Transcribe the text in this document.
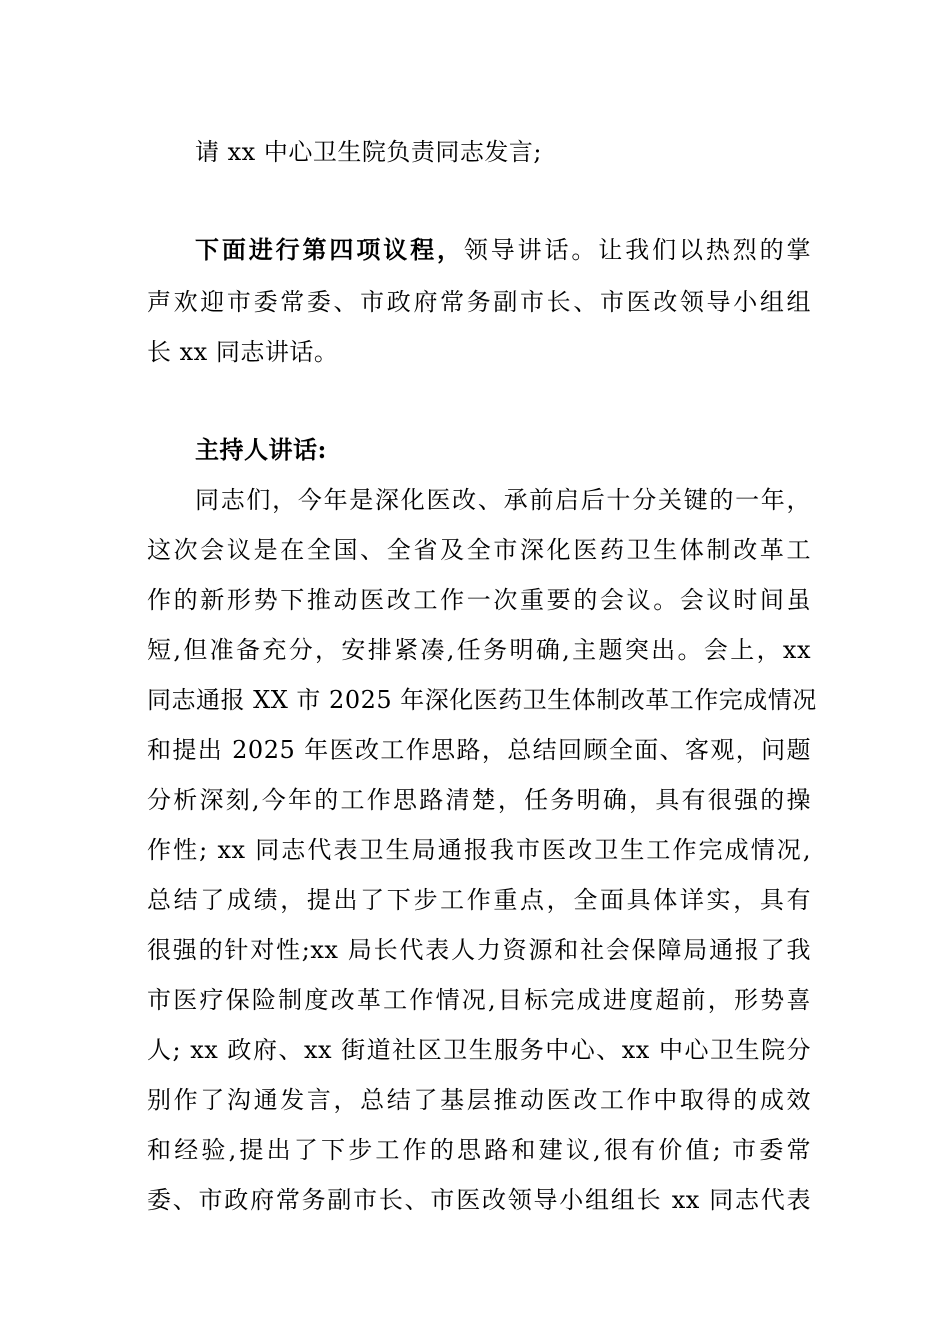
请 xx 中心卫生院负责同志发言;
下面进行第四项议程，领导讲话。让我们以热烈的掌
声欢迎市委常委、市政府常务副市长、市医改领导小组组
长 xx 同志讲话。
主持人讲话:
同志们，今年是深化医改、承前启后十分关键的一年，
这次会议是在全国、全省及全市深化医药卫生体制改革工
作的新形势下推动医改工作一次重要的会议。会议时间虽
短,但准备充分，安排紧凑,任务明确,主题突出。会上，xx
同志通报 XX 市 2025 年深化医药卫生体制改革工作完成情况
和提出 2025 年医改工作思路，总结回顾全面、客观，问题
分析深刻,今年的工作思路清楚，任务明确，具有很强的操
作性; xx 同志代表卫生局通报我市医改卫生工作完成情况,
总结了成绩，提出了下步工作重点，全面具体详实，具有
很强的针对性;xx 局长代表人力资源和社会保障局通报了我
市医疗保险制度改革工作情况,目标完成进度超前，形势喜
人; xx 政府、xx 街道社区卫生服务中心、xx 中心卫生院分
别作了沟通发言，总结了基层推动医改工作中取得的成效
和经验,提出了下步工作的思路和建议,很有价值; 市委常
委、市政府常务副市长、市医改领导小组组长 xx 同志代表
